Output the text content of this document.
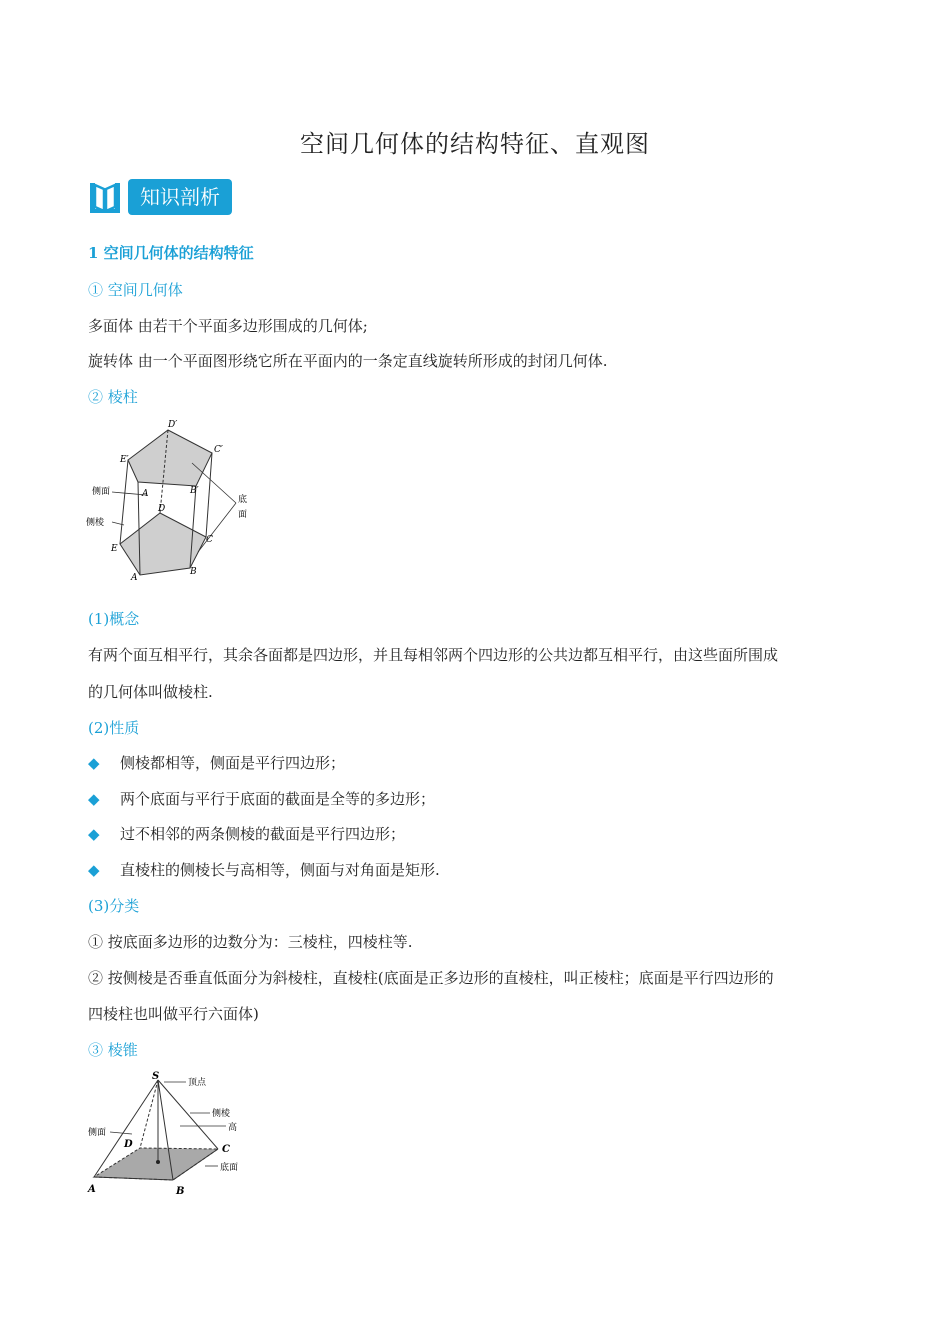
空间几何体的结构特征、直观图
知识剖析
1 空间几何体的结构特征
① 空间几何体
多面体 由若干个平面多边形围成的几何体;
旋转体 由一个平面图形绕它所在平面内的一条定直线旋转所形成的封闭几何体.
② 棱柱
D′
C′
E′
A	B′
D
C
E
A
B
侧面
侧棱
底
面
(1)概念
有两个面互相平行，其余各面都是四边形，并且每相邻两个四边形的公共边都互相平行，由这些面所围成
的几何体叫做棱柱.
(2)性质
◆ 侧棱都相等，侧面是平行四边形；
◆ 两个底面与平行于底面的截面是全等的多边形；
◆ 过不相邻的两条侧棱的截面是平行四边形；
◆ 直棱柱的侧棱长与高相等，侧面与对角面是矩形.
(3)分类
① 按底面多边形的边数分为：三棱柱，四棱柱等.
② 按侧棱是否垂直低面分为斜棱柱，直棱柱(底面是正多边形的直棱柱，叫正棱柱；底面是平行四边形的
四棱柱也叫做平行六面体)
③ 棱锥
S
D	C
A	B
顶点
侧棱
高
侧面
底面
